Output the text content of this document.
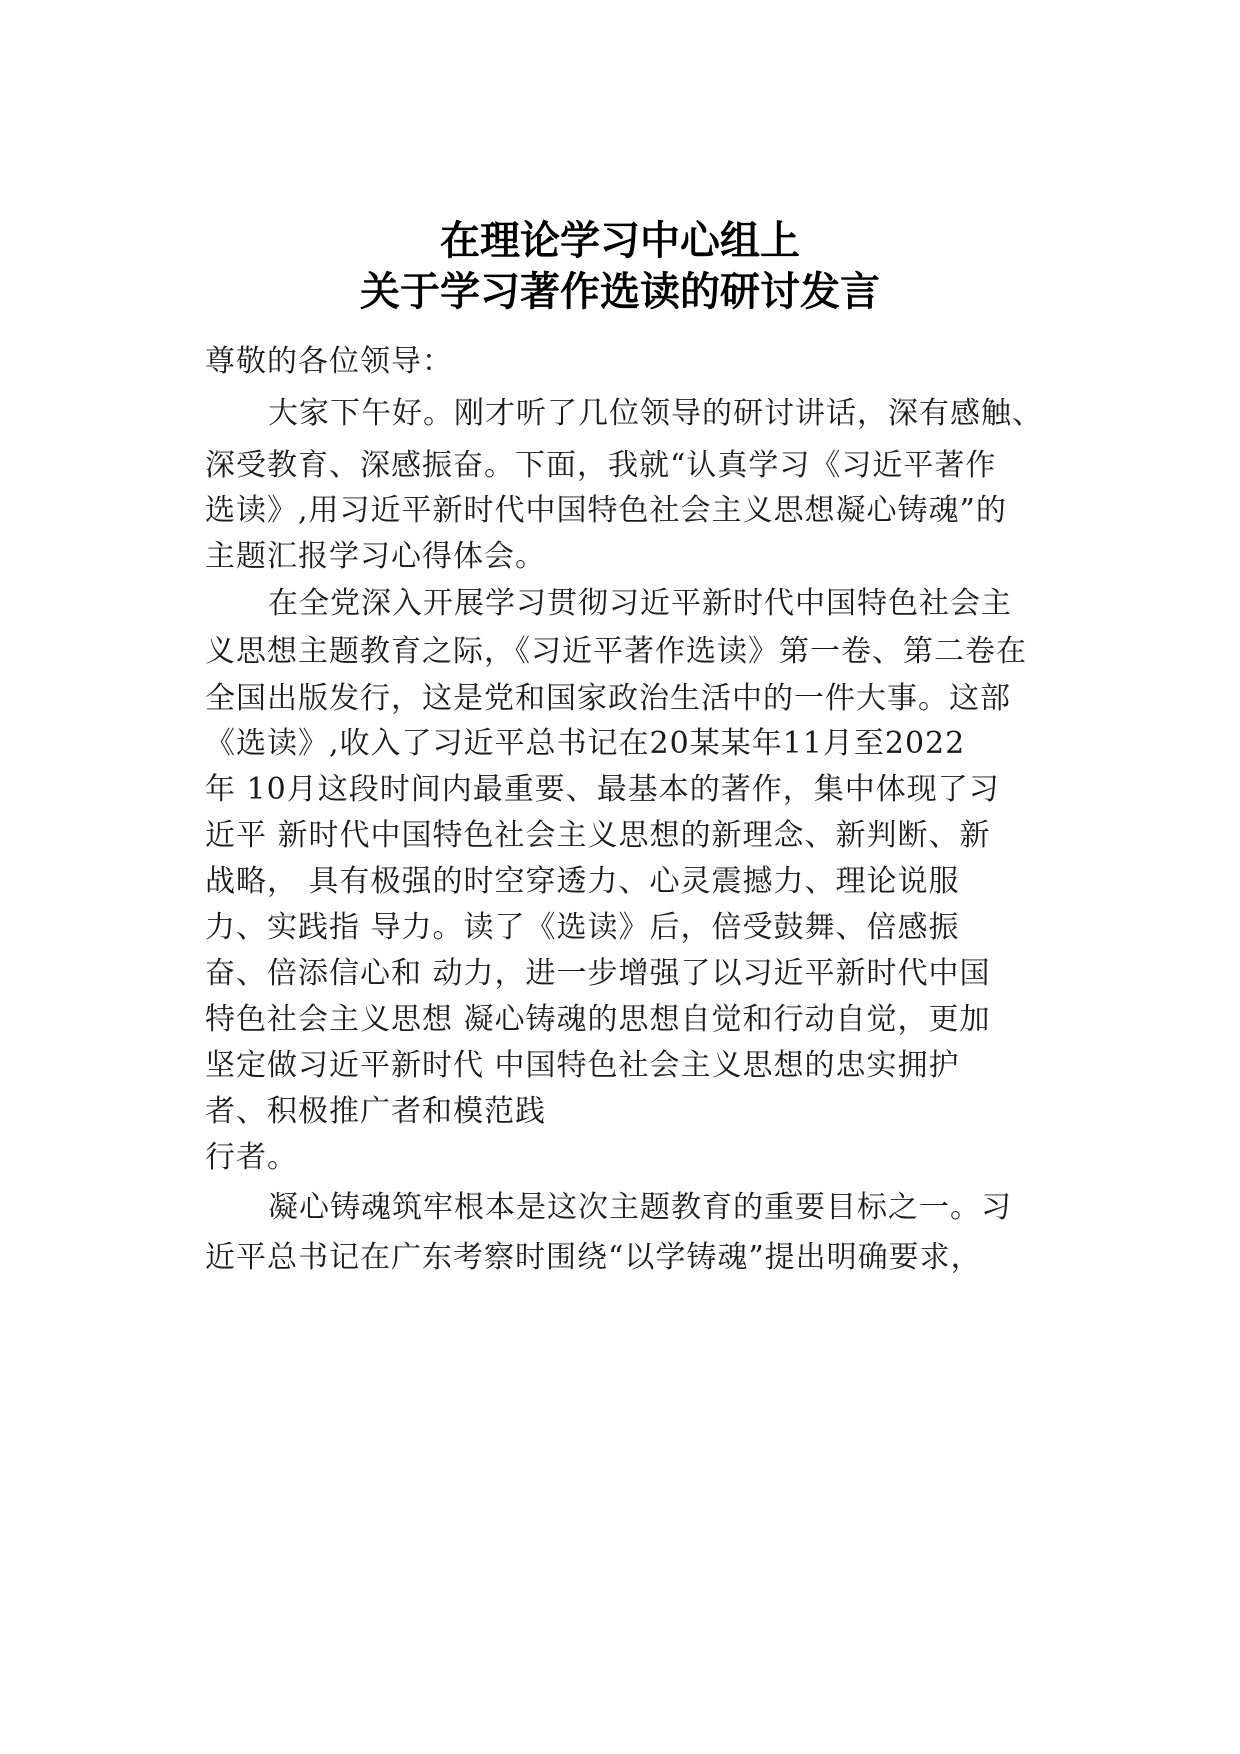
在理论学习中心组上
关于学习著作选读的研讨发言
尊敬的各位领导：
大家下午好。刚才听了几位领导的研讨讲话，深有感触、
深受教育、深感振奋。下面，我就“认真学习《习近平著作
选读》,用习近平新时代中国特色社会主义思想凝心铸魂”的
主题汇报学习心得体会。
在全党深入开展学习贯彻习近平新时代中国特色社会主
义思想主题教育之际，《习近平著作选读》第一卷、第二卷在
全国出版发行，这是党和国家政治生活中的一件大事。这部
《选读》,收入了习近平总书记在20某某年11月至2022
年 10月这段时间内最重要、最基本的著作，集中体现了习
近平 新时代中国特色社会主义思想的新理念、新判断、新
战略， 具有极强的时空穿透力、心灵震撼力、理论说服
力、实践指 导力。读了《选读》后，倍受鼓舞、倍感振
奋、倍添信心和 动力，进一步增强了以习近平新时代中国
特色社会主义思想 凝心铸魂的思想自觉和行动自觉，更加
坚定做习近平新时代 中国特色社会主义思想的忠实拥护
者、积极推广者和模范践
行者。
凝心铸魂筑牢根本是这次主题教育的重要目标之一。习
近平总书记在广东考察时围绕“以学铸魂”提出明确要求，
